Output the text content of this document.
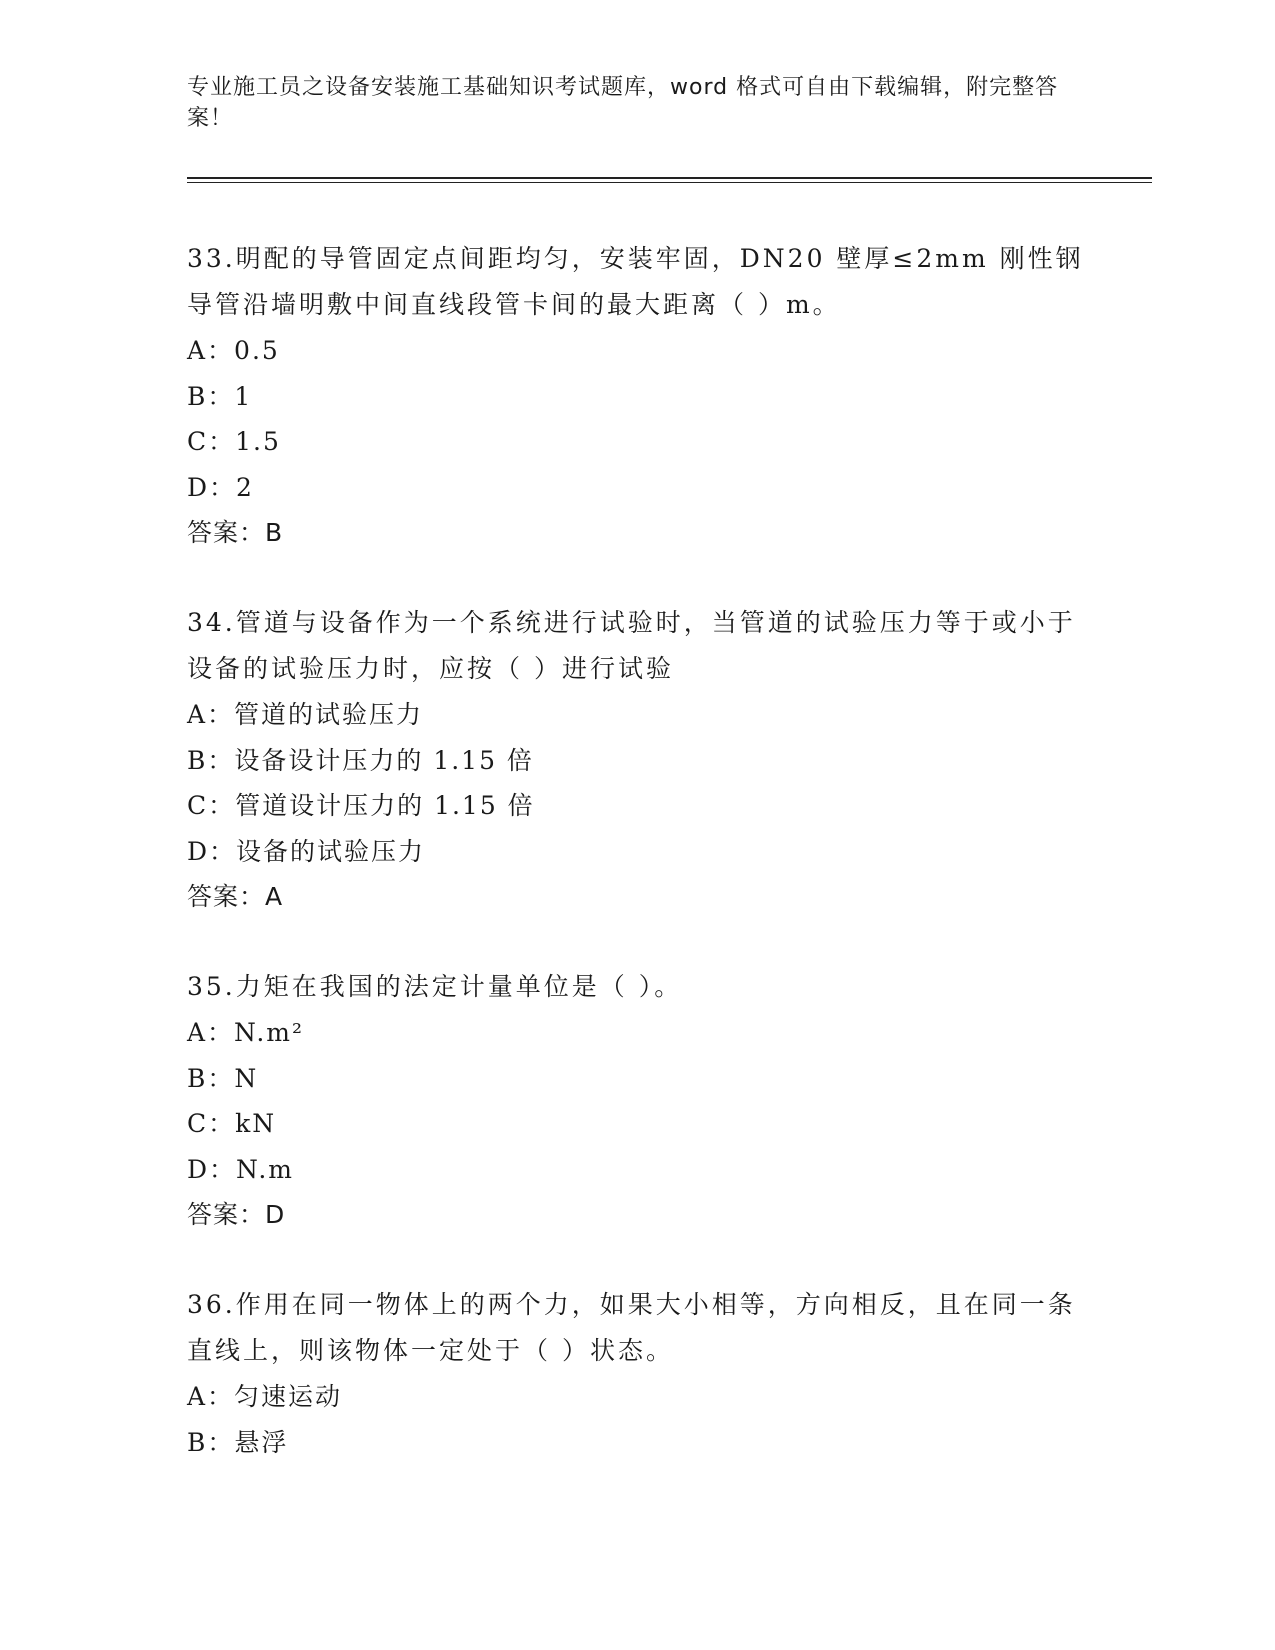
专业施工员之设备安装施工基础知识考试题库，word 格式可自由下载编辑，附完整答案！
33.明配的导管固定点间距均匀，安装牢固，DN20 壁厚≤2mm 刚性钢导管沿墙明敷中间直线段管卡间的最大距离（ ）m。
A：0.5
B：1
C：1.5
D：2
答案：B
34.管道与设备作为一个系统进行试验时，当管道的试验压力等于或小于设备的试验压力时，应按（ ）进行试验
A：管道的试验压力
B：设备设计压力的 1.15 倍
C：管道设计压力的 1.15 倍
D：设备的试验压力
答案：A
35.力矩在我国的法定计量单位是（ ）。
A：N.m²
B：N
C：kN
D：N.m
答案：D
36.作用在同一物体上的两个力，如果大小相等，方向相反，且在同一条直线上，则该物体一定处于（ ）状态。
A：匀速运动
B：悬浮
